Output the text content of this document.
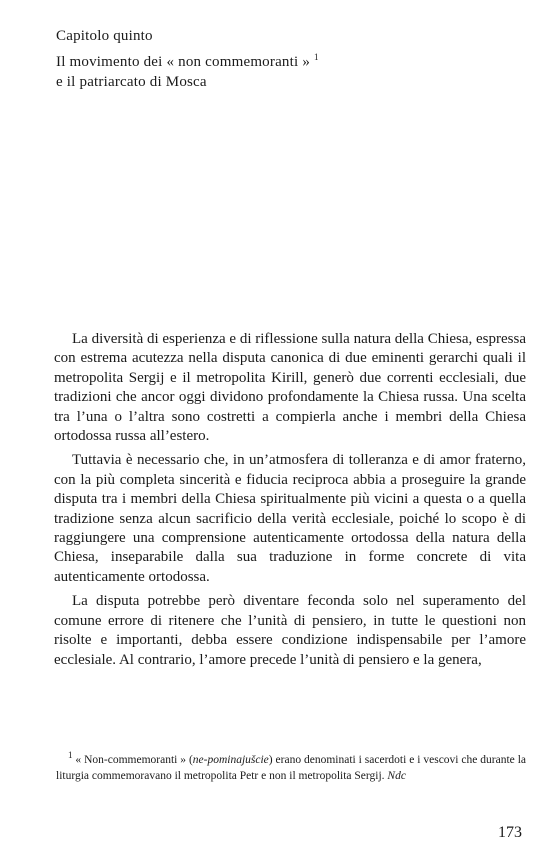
Capitolo quinto

Il movimento dei « non commemoranti » $^1$
e il patriarcato di Mosca

La diversità di esperienza e di riflessione sulla natura della Chiesa, espressa con estrema acutezza nella disputa canonica di due eminenti gerarchi quali il metropolita Sergij e il metropolita Kirill, generò due correnti ecclesiali, due tradizioni che ancor oggi dividono profondamente la Chiesa russa. Una scelta tra l’una o l’altra sono costretti a compierla anche i membri della Chiesa ortodossa russa all’estero.

Tuttavia è necessario che, in un’atmosfera di tolleranza e di amor fraterno, con la più completa sincerità e fiducia reciproca abbia a proseguire la grande disputa tra i membri della Chiesa spiritualmente più vicini a questa o a quella tradizione senza alcun sacrificio della verità ecclesiale, poiché lo scopo è di raggiungere una comprensione autenticamente ortodossa della natura della Chiesa, inseparabile dalla sua traduzione in forme concrete di vita autenticamente ortodossa.

La disputa potrebbe però diventare feconda solo nel superamento del comune errore di ritenere che l’unità di pensiero, in tutte le questioni non risolte e importanti, debba essere condizione indispensabile per l’amore ecclesiale. Al contrario, l’amore precede l’unità di pensiero e la genera,

$^1$ « Non-commemoranti » (ne-pominajušcie) erano denominati i sacerdoti e i vescovi che durante la liturgia commemoravano il metropolita Petr e non il metropolita Sergij. Ndc

173
